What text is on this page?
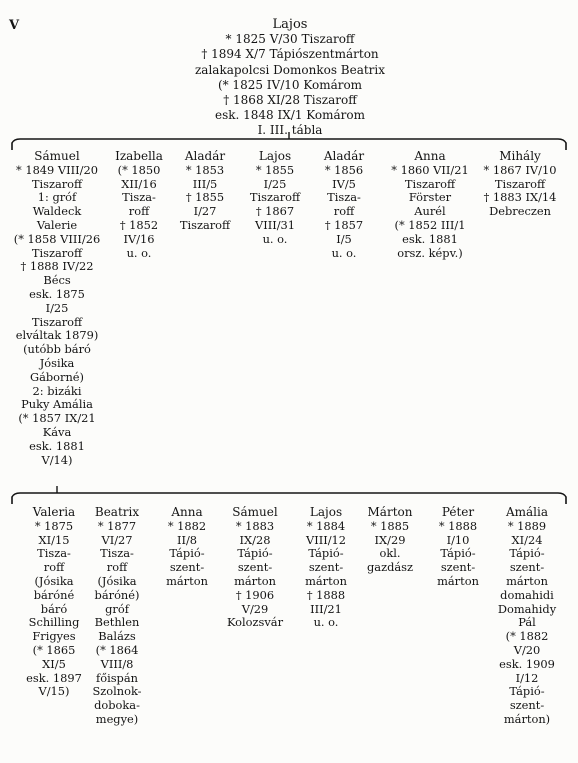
V	Lajos
* 1825 V/30 Tiszaroff
† 1894 X/7 Tápiószentmárton
zalakapolcsi Domonkos Beatrix
(* 1825 IV/10 Komárom
† 1868 XI/28 Tiszaroff
esk. 1848 IX/1 Komárom
I. III. tábla
Sámuel
* 1849 VIII/20
Tiszaroff
1: gróf
Waldeck
Valerie
(* 1858 VIII/26
Tiszaroff
† 1888 IV/22
Bécs
esk. 1875
I/25
Tiszaroff
elváltak 1879)
(utóbb báró
Jósika
Gáborné)
2: bizáki
Puky Amália
(* 1857 IX/21
Káva
esk. 1881
V/14)
Izabella
(* 1850
XII/16
Tisza-
roff
† 1852
IV/16
u. o.
Aladár
* 1853
III/5
† 1855
I/27
Tiszaroff
Lajos
* 1855
I/25
Tiszaroff
† 1867
VIII/31
u. o.
Aladár
* 1856
IV/5
Tisza-
roff
† 1857
I/5
u. o.
Anna
* 1860 VII/21
Tiszaroff
Förster
Aurél
(* 1852 III/1
esk. 1881
orsz. képv.)
Mihály
* 1867 IV/10
Tiszaroff
† 1883 IX/14
Debreczen
Valeria
* 1875
XI/15
Tisza-
roff
(Jósika
báróné
báró
Schilling
Frigyes
(* 1865
XI/5
esk. 1897
V/15)
Beatrix
* 1877
VI/27
Tisza-
roff
(Jósika
báróné)
gróf
Bethlen
Balázs
(* 1864
VIII/8
főispán
Szolnok-
doboka-
megye)
Anna
* 1882
II/8
Tápió-
szent-
márton
Sámuel
* 1883
IX/28
Tápió-
szent-
márton
† 1906
V/29
Kolozsvár
Lajos
* 1884
VIII/12
Tápió-
szent-
márton
† 1888
III/21
u. o.
Márton
* 1885
IX/29
okl.
gazdász
Péter
* 1888
I/10
Tápió-
szent-
márton
Amália
* 1889
XI/24
Tápió-
szent-
márton
domahidi
Domahidy
Pál
(* 1882
V/20
esk. 1909
I/12
Tápió-
szent-
márton)
